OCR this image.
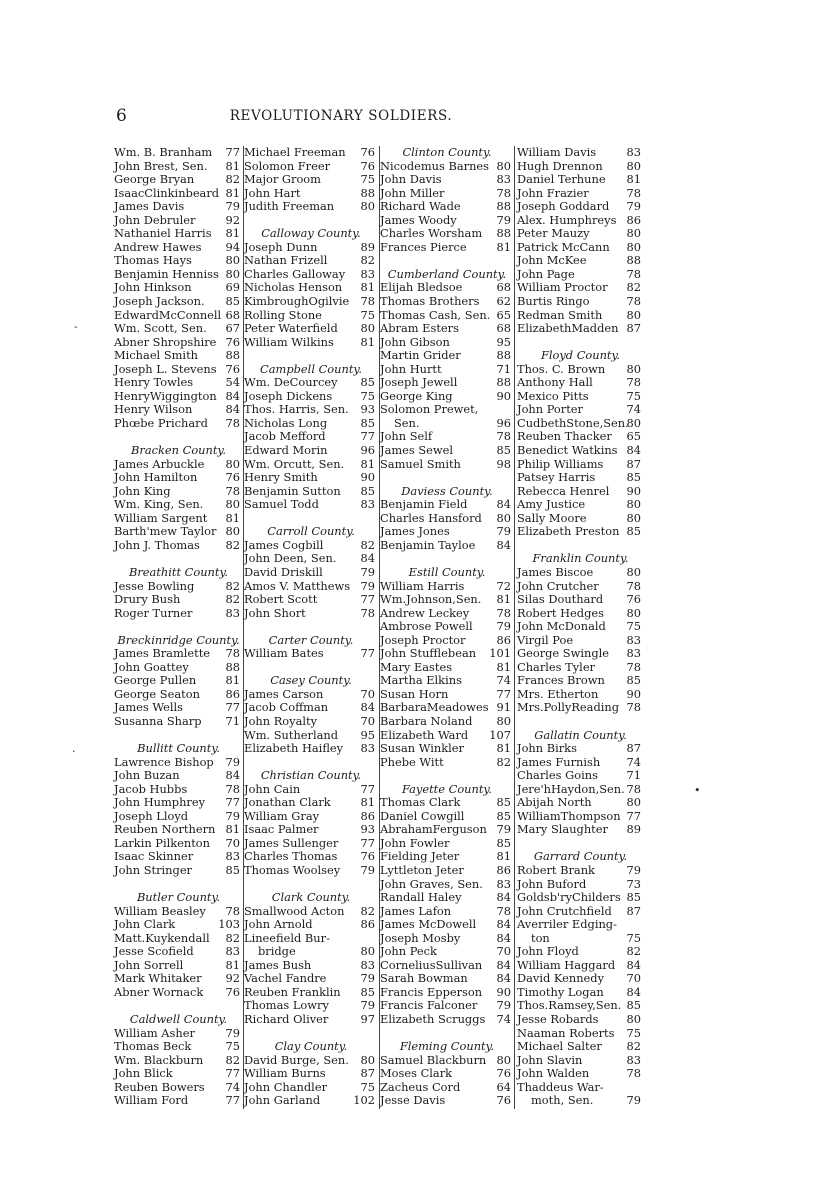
6	REVOLUTIONARY SOLDIERS.
Wm. B. Branham 77
John Brest, Sen. 81
George Bryan	82
IsaacClinkinbeard 81
James Davis	79
John Debruler	92
Nathaniel Harris 81
Andrew Hawes 94
Thomas Hays	80
Benjamin Henniss 80
John Hinkson	69
Joseph Jackson. 85
EdwardMcConnell 68
Wm. Scott, Sen. 67
Abner Shropshire 76
Michael Smith 88
Joseph L. Stevens 76
Henry Towles	54
HenryWiggington 84
Henry Wilson	84
Phœbe Prichard 78
Bracken County.
James Arbuckle 80
John Hamilton 76
John King	78
Wm. King, Sen. 80
William Sargent 81
Barth'mew Taylor 80
John J. Thomas 82
Breathitt County.
Jesse Bowling	82
Drury Bush	82
Roger Turner	83
Breckinridge County.
James Bramlette 78
John Goattey	88
George Pullen	81
George Seaton 86
James Wells	77
Susanna Sharp 71
Bullitt County.
Lawrence Bishop 79
John Buzan	84
Jacob Hubbs	78
John Humphrey 77
Joseph Lloyd	79
Reuben Northern 81
Larkin Pilkenton 70
Isaac Skinner	83
John Stringer	85
Butler County.
William Beasley 78
John Clark	103
Matt.Kuykendall 82
Jesse Scofield	83
John Sorrell	81
Mark Whitaker 92
Abner Wornack 76
Caldwell County.
William Asher	79
Thomas Beck	75
Wm. Blackburn 82
John Blick	77
Reuben Bowers 74
William Ford	77
Michael Freeman 76
Solomon Freer	76
Major Groom	75
John Hart	88
Judith Freeman 80
Calloway County.
Joseph Dunn	89
Nathan Frizell	82
Charles Galloway 83
Nicholas Henson 81
KimbroughOgilvie 78
Rolling Stone	75
Peter Waterfield 80
William Wilkins 81
Campbell County.
Wm. DeCourcey 85
Joseph Dickens 75
Thos. Harris, Sen. 93
Nicholas Long	85
Jacob Mefford	77
Edward Morin	96
Wm. Orcutt, Sen. 81
Henry Smith	90
Benjamin Sutton 85
Samuel Todd	83
Carroll County.
James Cogbill	82
John Deen, Sen. 84
David Driskill	79
Amos V. Matthews 79
Robert Scott	77
John Short	78
Carter County.
William Bates	77
Casey County.
James Carson	70
Jacob Coffman	84
John Royalty	70
Wm. Sutherland 95
Elizabeth Haifley 83
Christian County.
John Cain	77
Jonathan Clark	81
William Gray	86
Isaac Palmer	93
James Sullenger 77
Charles Thomas 76
Thomas Woolsey 79
Clark County.
Smallwood Acton 82
John Arnold	86
Lineefield Bur-
bridge	80
James Bush	83
Vachel Fandre	79
Reuben Franklin 85
Thomas Lowry	79
Richard Oliver	97
Clay County.
David Burge, Sen. 80
William Burns	87
John Chandler	75
John Garland	102
Clinton County.
Nicodemus Barnes 80
John Davis	83
John Miller	78
Richard Wade	88
James Woody	79
Charles Worsham 88
Frances Pierce	81
Cumberland County.
Elijah Bledsoe	68
Thomas Brothers 62
Thomas Cash, Sen. 65
Abram Esters	68
John Gibson	95
Martin Grider	88
John Hurtt	71
Joseph Jewell	88
George King	90
Solomon Prewet,
Sen.	96
John Self	78
James Sewel	85
Samuel Smith	98
Daviess County.
Benjamin Field	84
Charles Hansford 80
James Jones	79
Benjamin Tayloe 84
Estill County.
William Harris	72
Wm.Johnson,Sen. 81
Andrew Leckey 78
Ambrose Powell 79
Joseph Proctor	86
John Stufflebean 101
Mary Eastes	81
Martha Elkins	74
Susan Horn	77
BarbaraMeadowes 91
Barbara Noland 80
Elizabeth Ward 107
Susan Winkler	81
Phebe Witt	82
Fayette County.
Thomas Clark	85
Daniel Cowgill	85
AbrahamFerguson 79
John Fowler	85
Fielding Jeter	81
Lyttleton Jeter	86
John Graves, Sen. 83
Randall Haley	84
James Lafon	78
James McDowell 84
Joseph Mosby	84
John Peck	70
CorneliusSullivan 84
Sarah Bowman	84
Francis Epperson 90
Francis Falconer 79
Elizabeth Scruggs 74
Fleming County.
Samuel Blackburn 80
Moses Clark	76
Zacheus Cord	64
Jesse Davis	76
William Davis	83
Hugh Drennon 80
Daniel Terhune 81
John Frazier	78
Joseph Goddard 79
Alex. Humphreys 86
Peter Mauzy	80
Patrick McCann 80
John McKee	88
John Page	78
William Proctor 82
Burtis Ringo	78
Redman Smith 80
ElizabethMadden 87
Floyd County.
Thos. C. Brown 80
Anthony Hall	78
Mexico Pitts	75
John Porter	74
CudbethStone,Sen.
80
Reuben Thacker 65
Benedict Watkins 84
Philip Williams 87
Patsey Harris	85
Rebecca Henrel 90
Amy Justice	80
Sally Moore	80
Elizabeth Preston 85
Franklin County.
James Biscoe	80
John Crutcher 78
Silas Douthard 76
Robert Hedges 80
John McDonald 75
Virgil Poe	83
George Swingle 83
Charles Tyler	78
Frances Brown 85
Mrs. Etherton 90
Mrs.PollyReading 78
Gallatin County.
John Birks	87
James Furnish 74
Charles Goins	71
Jere'hHaydon,Sen. 78
Abijah North	80
WilliamThompson 77
Mary Slaughter 89
Garrard County.
Robert Brank	79
John Buford	73
Goldsb'ryChilders 85
John Crutchfield 87
Averriler Edging-
ton	75
John Floyd	82
William Haggard 84
David Kennedy 70
Timothy Logan 84
Thos.Ramsey,Sen. 85
Jesse Robards 80
Naaman Roberts 75
Michael Salter 82
John Slavin	83
John Walden	78
Thaddeus War-
moth, Sen.	79
-
.
•
